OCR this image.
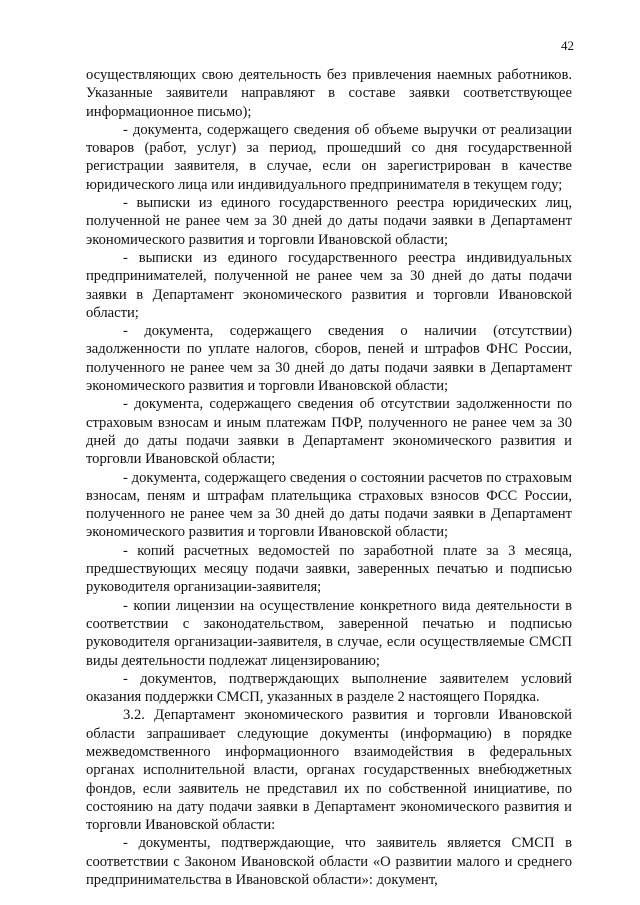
42

осуществляющих свою деятельность без привлечения наемных работников. Указанные заявители направляют в составе заявки соответствующее информационное письмо);

- документа, содержащего сведения об объеме выручки от реализации товаров (работ, услуг) за период, прошедший со дня государственной регистрации заявителя, в случае, если он зарегистрирован в качестве юридического лица или индивидуального предпринимателя в текущем году;

- выписки из единого государственного реестра юридических лиц, полученной не ранее чем за 30 дней до даты подачи заявки в Департамент экономического развития и торговли Ивановской области;

- выписки из единого государственного реестра индивидуальных предпринимателей, полученной не ранее чем за 30 дней до даты подачи заявки в Департамент экономического развития и торговли Ивановской области;

- документа, содержащего сведения о наличии (отсутствии) задолженности по уплате налогов, сборов, пеней и штрафов ФНС России, полученного не ранее чем за 30 дней до даты подачи заявки в Департамент экономического развития и торговли Ивановской области;

- документа, содержащего сведения об отсутствии задолженности по страховым взносам и иным платежам ПФР, полученного не ранее чем за 30 дней до даты подачи заявки в Департамент экономического развития и торговли Ивановской области;

- документа, содержащего сведения о состоянии расчетов по страховым взносам, пеням и штрафам плательщика страховых взносов ФСС России, полученного не ранее чем за 30 дней до даты подачи заявки в Департамент экономического развития и торговли Ивановской области;

- копий расчетных ведомостей по заработной плате за 3 месяца, предшествующих месяцу подачи заявки, заверенных печатью и подписью руководителя организации-заявителя;

- копии лицензии на осуществление конкретного вида деятельности в соответствии с законодательством, заверенной печатью и подписью руководителя организации-заявителя, в случае, если осуществляемые СМСП виды деятельности подлежат лицензированию;

- документов, подтверждающих выполнение заявителем условий оказания поддержки СМСП, указанных в разделе 2 настоящего Порядка.

3.2. Департамент экономического развития и торговли Ивановской области запрашивает следующие документы (информацию) в порядке межведомственного информационного взаимодействия в федеральных органах исполнительной власти, органах государственных внебюджетных фондов, если заявитель не представил их по собственной инициативе, по состоянию на дату подачи заявки в Департамент экономического развития и торговли Ивановской области:

- документы, подтверждающие, что заявитель является СМСП в соответствии с Законом Ивановской области «О развитии малого и среднего предпринимательства в Ивановской области»: документ,
